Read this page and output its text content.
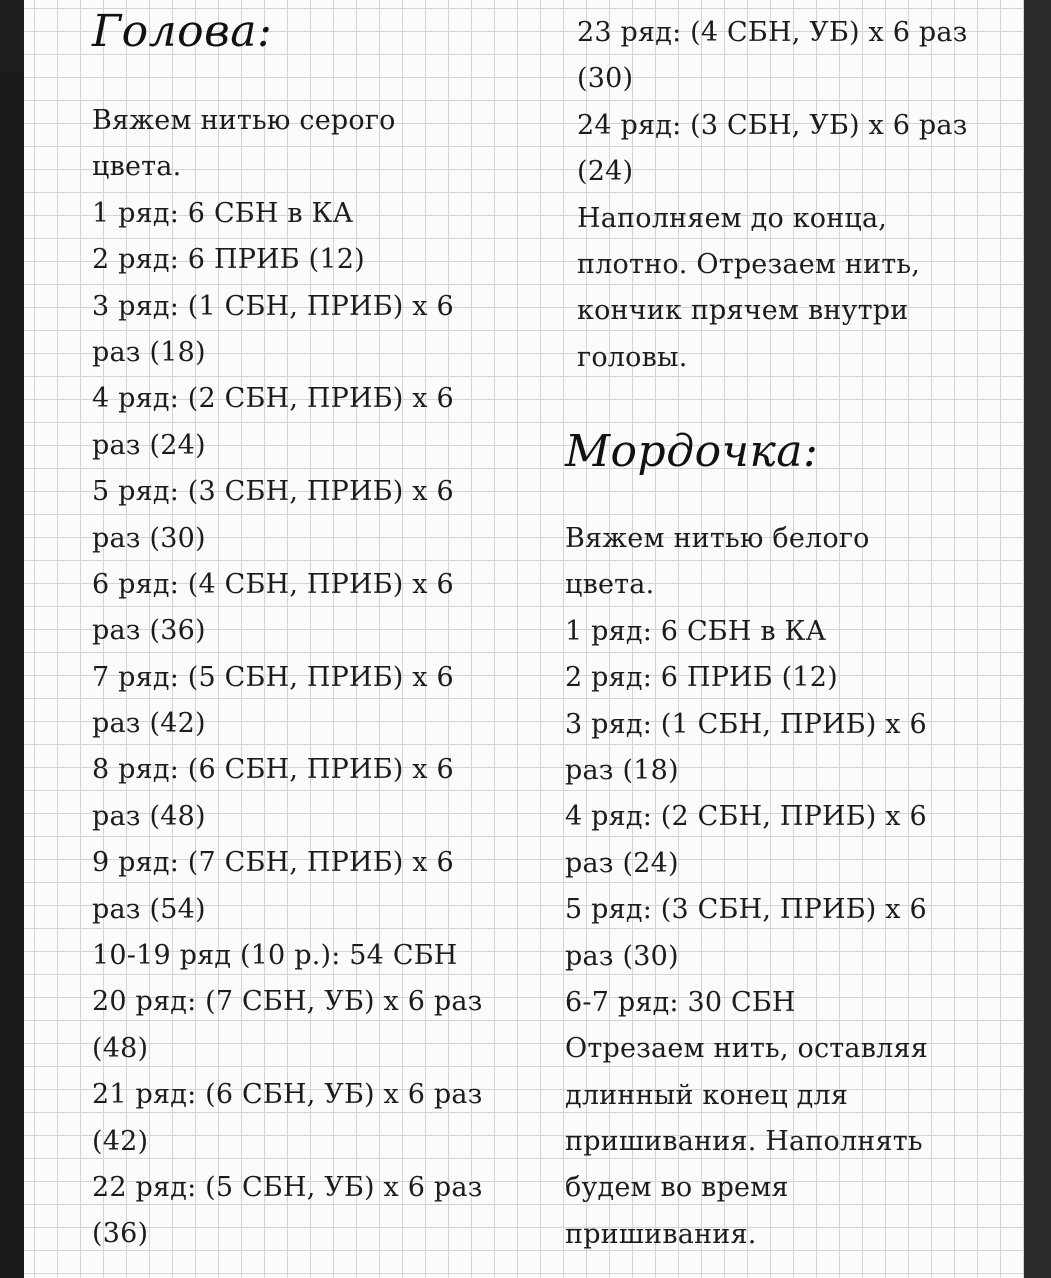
Голова:
Вяжем нитью серого
цвета.
1 ряд: 6 СБН в КА
2 ряд: 6 ПРИБ (12)
3 ряд: (1 СБН, ПРИБ) х 6
раз (18)
4 ряд: (2 СБН, ПРИБ) х 6
раз (24)
5 ряд: (3 СБН, ПРИБ) х 6
раз (30)
6 ряд: (4 СБН, ПРИБ) х 6
раз (36)
7 ряд: (5 СБН, ПРИБ) х 6
раз (42)
8 ряд: (6 СБН, ПРИБ) х 6
раз (48)
9 ряд: (7 СБН, ПРИБ) х 6
раз (54)
10-19 ряд (10 р.): 54 СБН
20 ряд: (7 СБН, УБ) х 6 раз
(48)
21 ряд: (6 СБН, УБ) х 6 раз
(42)
22 ряд: (5 СБН, УБ) х 6 раз
(36)
23 ряд: (4 СБН, УБ) х 6 раз
(30)
24 ряд: (3 СБН, УБ) х 6 раз
(24)
Наполняем до конца,
плотно. Отрезаем нить,
кончик прячем внутри
головы.
Вяжем нитью белого
цвета.
1 ряд: 6 СБН в КА
2 ряд: 6 ПРИБ (12)
3 ряд: (1 СБН, ПРИБ) х 6
раз (18)
4 ряд: (2 СБН, ПРИБ) х 6
раз (24)
5 ряд: (3 СБН, ПРИБ) х 6
раз (30)
6-7 ряд: 30 СБН
Отрезаем нить, оставляя
длинный конец для
пришивания. Наполнять
будем во время
пришивания.
Мордочка:
